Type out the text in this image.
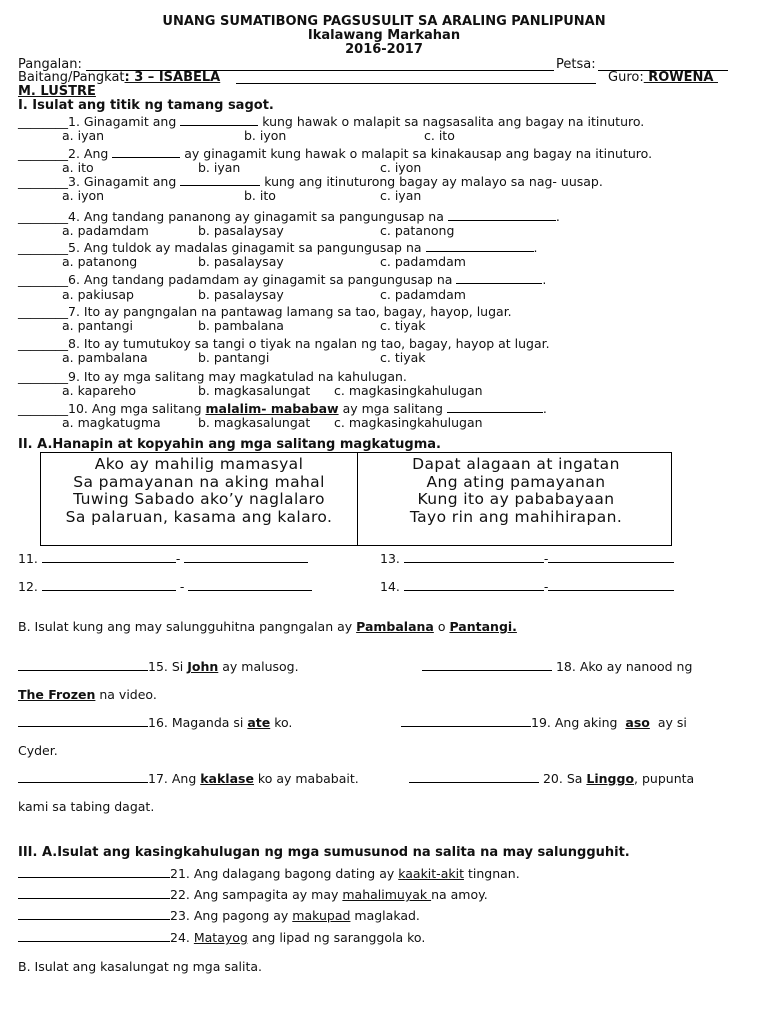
UNANG SUMATIBONG PAGSUSULIT SA ARALING PANLIPUNAN
Ikalawang Markahan
2016-2017
Pangalan:	Petsa:
Baitang/Pangkat: 3 – ISABELA	Guro: ROWENA
M. LUSTRE
I. Isulat ang titik ng tamang sagot.
________1. Ginagamit ang	kung hawak o malapit sa nagsasalita ang bagay na itinuturo.
a. iyan	b. iyon	c. ito
________2. Ang	ay ginagamit kung hawak o malapit sa kinakausap ang bagay na itinuturo.
a. ito	b. iyan	c. iyon
________3. Ginagamit ang	kung ang itinuturong bagay ay malayo sa nag- uusap.
a. iyon	b. ito	c. iyan
________4. Ang tandang pananong ay ginagamit sa pangungusap na	.
a. padamdam	b. pasalaysay	c. patanong
________5. Ang tuldok ay madalas ginagamit sa pangungusap na	.
a. patanong	b. pasalaysay	c. padamdam
________6. Ang tandang padamdam ay ginagamit sa pangungusap na	.
a. pakiusap	b. pasalaysay	c. padamdam
________7. Ito ay pangngalan na pantawag lamang sa tao, bagay, hayop, lugar.
a. pantangi	b. pambalana	c. tiyak
________8. Ito ay tumutukoy sa tangi o tiyak na ngalan ng tao, bagay, hayop at lugar.
a. pambalana	b. pantangi	c. tiyak
________9. Ito ay mga salitang may magkatulad na kahulugan.
a. kapareho	b. magkasalungat c. magkasingkahulugan
________10. Ang mga salitang malalim- mababaw ay mga salitang	.
a. magkatugma	b. magkasalungat c. magkasingkahulugan
II. A.Hanapin at kopyahin ang mga salitang magkatugma.
Ako ay mahilig mamasyal
Sa pamayanan na aking mahal
Tuwing Sabado ako’y naglalaro
Sa palaruan, kasama ang kalaro.
Dapat alagaan at ingatan
Ang ating pamayanan
Kung ito ay pababayaan
Tayo rin ang mahihirapan.
11.	-	13.	-
12.	-	14.	-
B. Isulat kung ang may salungguhitna pangngalan ay Pambalana o Pantangi.
15. Si John ay malusog.	18. Ako ay nanood ng
The Frozen na video.
16. Maganda si ate ko.	19. Ang aking  aso  ay si
Cyder.
17. Ang kaklase ko ay mababait.	20. Sa Linggo, pupunta
kami sa tabing dagat.
III. A.Isulat ang kasingkahulugan ng mga sumusunod na salita na may salungguhit.
21. Ang dalagang bagong dating ay kaakit-akit tingnan.
22. Ang sampagita ay may mahalimuyak na amoy.
23. Ang pagong ay makupad maglakad.
24. Matayog ang lipad ng saranggola ko.
B. Isulat ang kasalungat ng mga salita.
